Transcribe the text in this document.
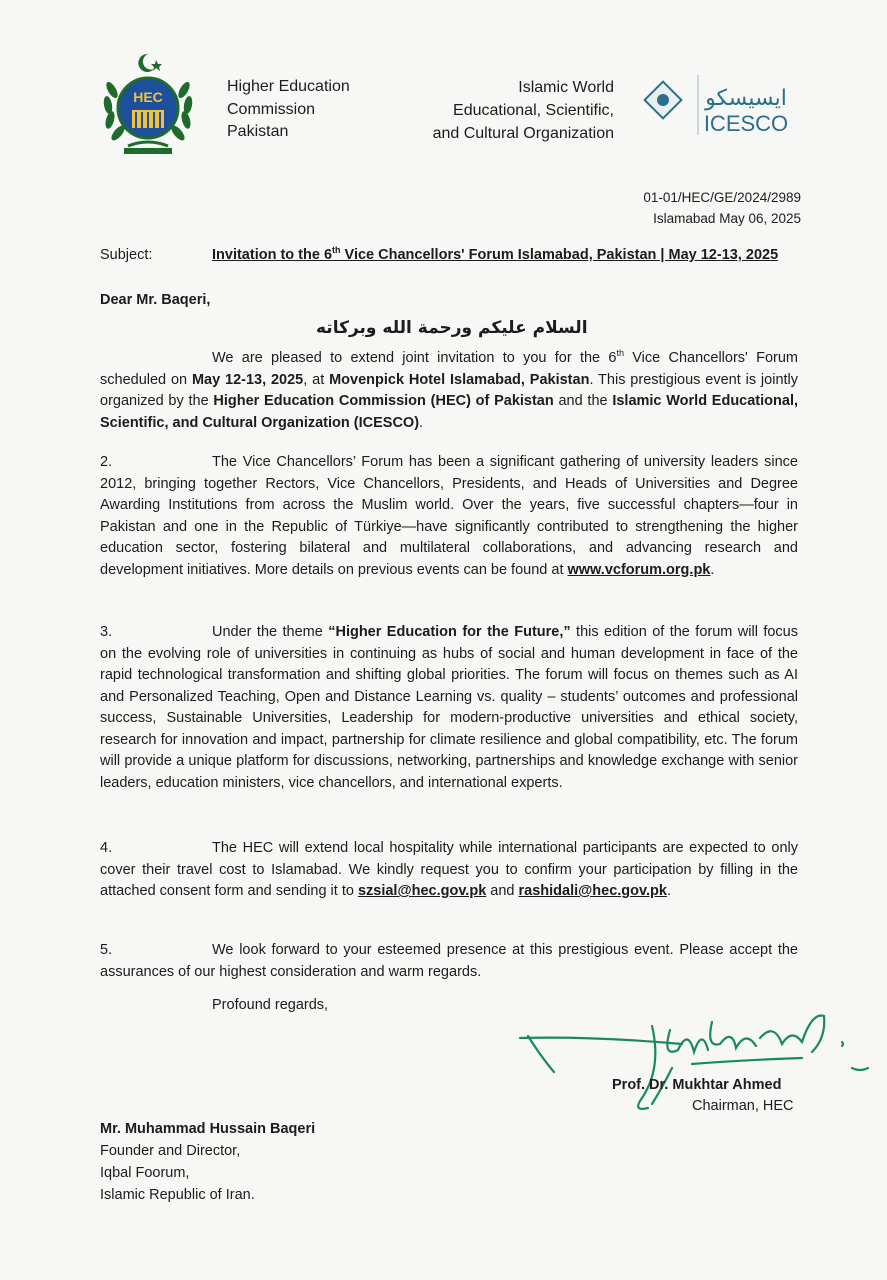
HEC
Higher Education
Commission
Pakistan
Islamic World
Educational, Scientific,
and Cultural Organization
ايسيسكو
ICESCO
01-01/HEC/GE/2024/2989
Islamabad May 06, 2025
Subject:	Invitation to the 6th Vice Chancellors' Forum Islamabad, Pakistan | May 12-13, 2025
Dear Mr. Baqeri,
السلام عليكم ورحمة الله وبركاته

We are pleased to extend joint invitation to you for the 6th Vice Chancellors' Forum scheduled on May 12-13, 2025, at Movenpick Hotel Islamabad, Pakistan. This prestigious event is jointly organized by the Higher Education Commission (HEC) of Pakistan and the Islamic World Educational, Scientific, and Cultural Organization (ICESCO).

2.	The Vice Chancellors’ Forum has been a significant gathering of university leaders since 2012, bringing together Rectors, Vice Chancellors, Presidents, and Heads of Universities and Degree Awarding Institutions from across the Muslim world. Over the years, five successful chapters—four in Pakistan and one in the Republic of Türkiye—have significantly contributed to strengthening the higher education sector, fostering bilateral and multilateral collaborations, and advancing research and development initiatives. More details on previous events can be found at www.vcforum.org.pk.

3.	Under the theme “Higher Education for the Future,” this edition of the forum will focus on the evolving role of universities in continuing as hubs of social and human development in face of the rapid technological transformation and shifting global priorities. The forum will focus on themes such as AI and Personalized Teaching, Open and Distance Learning vs. quality – students’ outcomes and professional success, Sustainable Universities, Leadership for modern-productive universities and ethical society, research for innovation and impact, partnership for climate resilience and global compatibility, etc. The forum will provide a unique platform for discussions, networking, partnerships and knowledge exchange with senior leaders, education ministers, vice chancellors, and international experts.

4.	The HEC will extend local hospitality while international participants are expected to only cover their travel cost to Islamabad. We kindly request you to confirm your participation by filling in the attached consent form and sending it to szsial@hec.gov.pk and rashidali@hec.gov.pk.

5.	We look forward to your esteemed presence at this prestigious event. Please accept the assurances of our highest consideration and warm regards.

Profound regards,
Prof. Dr. Mukhtar Ahmed
Chairman, HEC
Mr. Muhammad Hussain Baqeri
Founder and Director,
Iqbal Foorum,
Islamic Republic of Iran.
